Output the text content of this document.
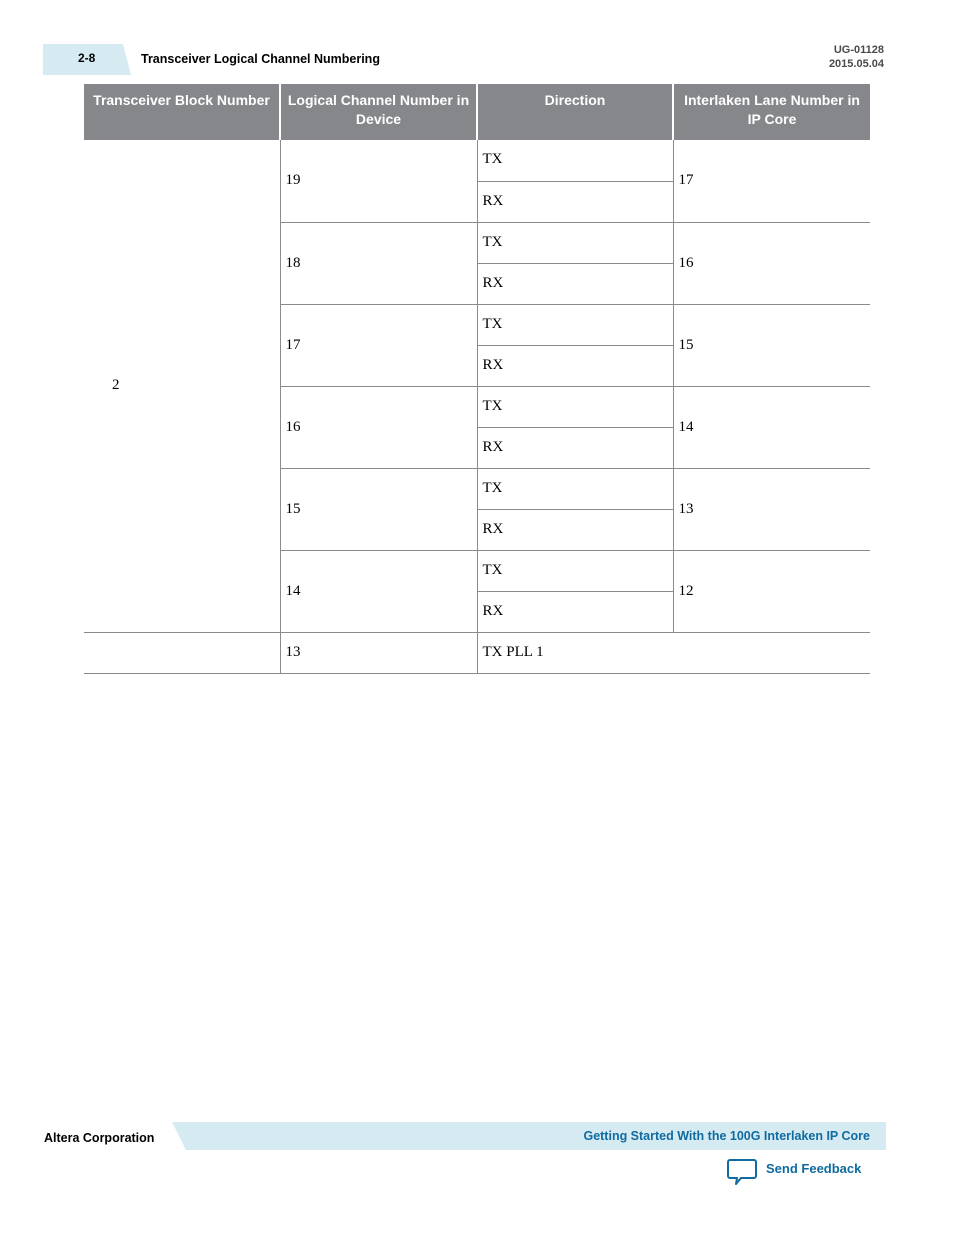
2-8	Transceiver Logical Channel Numbering
UG-01128
2015.05.04
Transceiver Block Number	Logical Channel Number in Device	Direction	Interlaken Lane Number in IP Core
2	19	TX	17
		RX	
	18	TX	16
		RX	
	17	TX	15
		RX	
	16	TX	14
		RX	
	15	TX	13
		RX	
	14	TX	12
		RX	
	13	TX PLL 1	
Altera Corporation	Getting Started With the 100G Interlaken IP Core
Send Feedback
